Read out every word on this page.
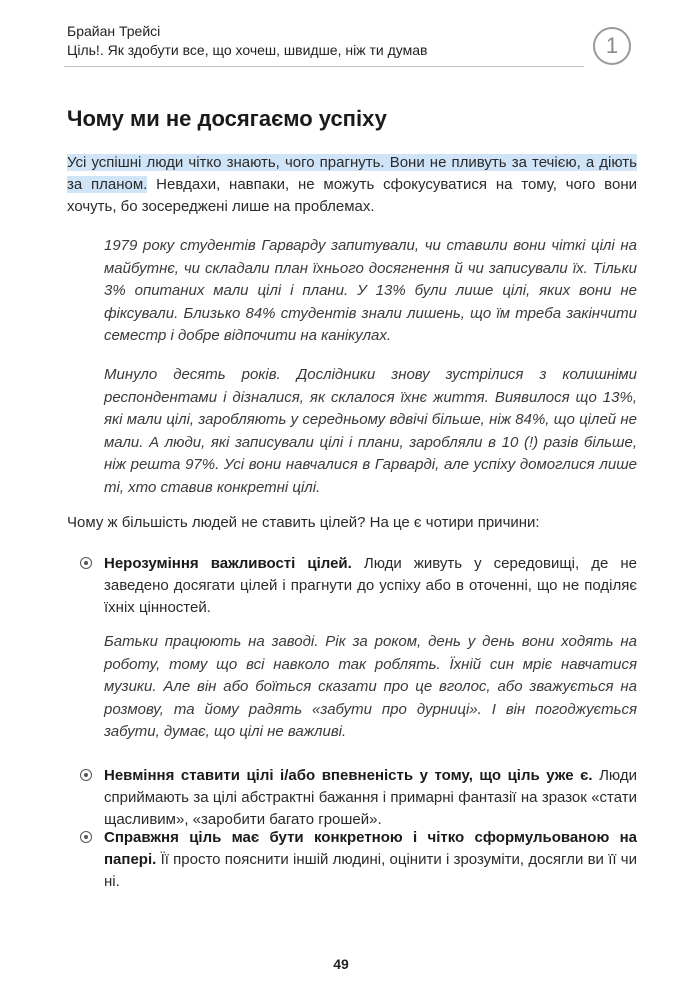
Брайан Трейсі
Ціль!. Як здобути все, що хочеш, швидше, ніж ти думав	1
Чому ми не досягаємо успіху

Усі успішні люди чітко знають, чого прагнуть. Вони не пливуть за течією, а діють за планом. Невдахи, навпаки, не можуть сфокусуватися на тому, чого вони хочуть, бо зосереджені лише на проблемах.

1979 року студентів Гарварду запитували, чи ставили вони чіткі цілі на майбутнє, чи складали план їхнього досягнення й чи записували їх. Тільки 3% опитаних мали цілі і плани. У 13% були лише цілі, яких вони не фіксували. Близько 84% студентів знали лишень, що їм треба закінчити семестр і добре відпочити на канікулах.

Минуло десять років. Дослідники знову зустрілися з колишніми респондентами і дізналися, як склалося їхнє життя. Виявилося що 13%, які мали цілі, заробляють у середньому вдвічі більше, ніж 84%, що цілей не мали. А люди, які записували цілі і плани, заробляли в 10 (!) разів більше, ніж решта 97%. Усі вони навчалися в Гарварді, але успіху домоглися лише ті, хто ставив конкретні цілі.

Чому ж більшість людей не ставить цілей? На це є чотири причини:

Нерозуміння важливості цілей. Люди живуть у середовищі, де не заведено досягати цілей і прагнути до успіху або в оточенні, що не поділяє їхніх цінностей.

Батьки працюють на заводі. Рік за роком, день у день вони ходять на роботу, тому що всі навколо так роблять. Їхній син мріє навчатися музики. Але він або боїться сказати про це вголос, або зважується на розмову, та йому радять «забути про дурниці». І він погоджується забути, думає, що цілі не важливі.

Невміння ставити цілі і/або впевненість у тому, що ціль уже є. Люди сприймають за цілі абстрактні бажання і примарні фантазії на зразок «стати щасливим», «заробити багато грошей».
Справжня ціль має бути конкретною і чітко сформульованою на папері. Її просто пояснити іншій людині, оцінити і зрозуміти, досягли ви її чи ні.
49
